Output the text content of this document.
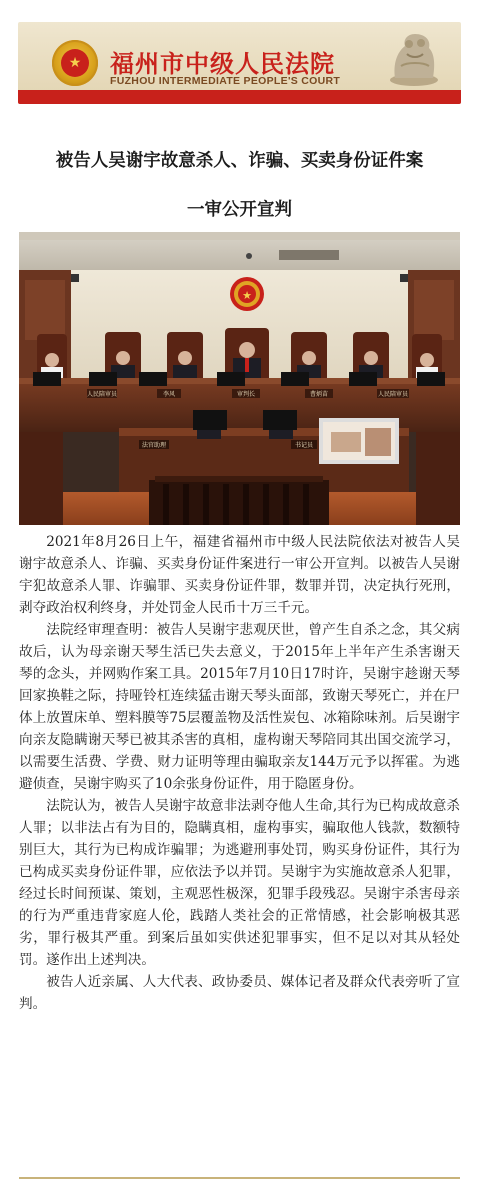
★	福州市中级人民法院
FUZHOU INTERMEDIATE PEOPLE'S COURT
被告人吴谢宇故意杀人、诈骗、买卖身份证件案
一审公开宣判
★
人民陪审员	李风	审判长	曹炳苗	人民陪审员
法官助理	书记员

2021年8月26日上午，福建省福州市中级人民法院依法对被告人吴谢宇故意杀人、诈骗、买卖身份证件案进行一审公开宣判。以被告人吴谢宇犯故意杀人罪、诈骗罪、买卖身份证件罪，数罪并罚，决定执行死刑，剥夺政治权利终身，并处罚金人民币十万三千元。

法院经审理查明：被告人吴谢宇悲观厌世，曾产生自杀之念，其父病故后，认为母亲谢天琴生活已失去意义，于2015年上半年产生杀害谢天琴的念头，并网购作案工具。2015年7月10日17时许，吴谢宇趁谢天琴回家换鞋之际，持哑铃杠连续猛击谢天琴头面部，致谢天琴死亡，并在尸体上放置床单、塑料膜等75层覆盖物及活性炭包、冰箱除味剂。后吴谢宇向亲友隐瞒谢天琴已被其杀害的真相，虚构谢天琴陪同其出国交流学习，以需要生活费、学费、财力证明等理由骗取亲友144万元予以挥霍。为逃避侦查，吴谢宇购买了10余张身份证件，用于隐匿身份。

法院认为，被告人吴谢宇故意非法剥夺他人生命,其行为已构成故意杀人罪；以非法占有为目的，隐瞒真相，虚构事实，骗取他人钱款，数额特别巨大，其行为已构成诈骗罪；为逃避刑事处罚，购买身份证件，其行为已构成买卖身份证件罪，应依法予以并罚。吴谢宇为实施故意杀人犯罪，经过长时间预谋、策划，主观恶性极深，犯罪手段残忍。吴谢宇杀害母亲的行为严重违背家庭人伦，践踏人类社会的正常情感，社会影响极其恶劣，罪行极其严重。到案后虽如实供述犯罪事实，但不足以对其从轻处罚。遂作出上述判决。

被告人近亲属、人大代表、政协委员、媒体记者及群众代表旁听了宣判。
